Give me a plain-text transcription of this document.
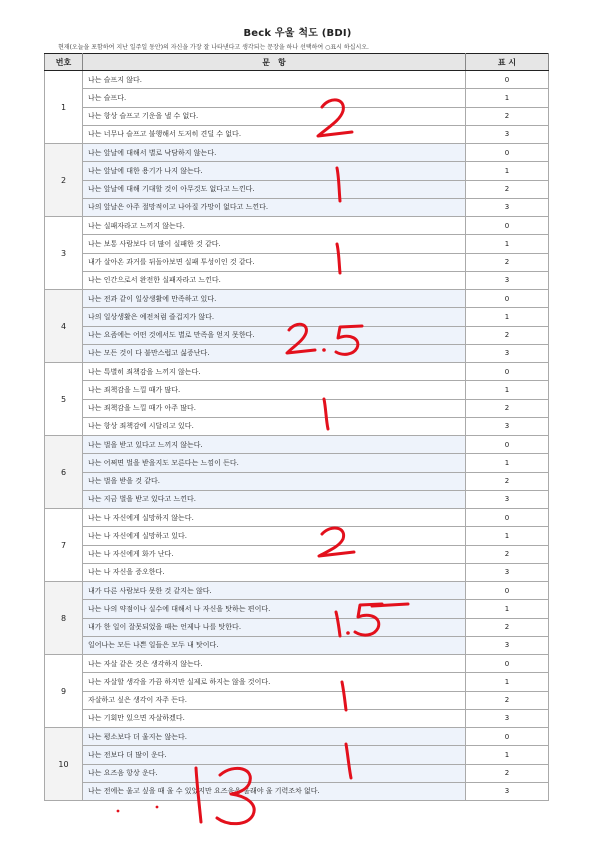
Beck 우울 척도 (BDI)
현재(오늘을 포함하여 지난 일주일 동안)의 자신을 가장 잘 나타낸다고 생각되는 문장을 하나 선택하여 ○표시 하십시오.
번호	문　항	표 시
1	나는 슬프지 않다.	0
	나는 슬프다.	1
	나는 항상 슬프고 기운을 낼 수 없다.	2
	나는 너무나 슬프고 불행해서 도저히 견딜 수 없다.	3
2	나는 앞날에 대해서 별로 낙담하지 않는다.	0
	나는 앞날에 대한 용기가 나지 않는다.	1
	나는 앞날에 대해 기대할 것이 아무것도 없다고 느낀다.	2
	나의 앞날은 아주 절망적이고 나아질 가망이 없다고 느낀다.	3
3	나는 실패자라고 느끼지 않는다.	0
	나는 보통 사람보다 더 많이 실패한 것 같다.	1
	내가 살아온 과거를 뒤돌아보면 실패 투성이인 것 같다.	2
	나는 인간으로서 완전한 실패자라고 느낀다.	3
4	나는 전과 같이 일상생활에 만족하고 있다.	0
	나의 일상생활은 예전처럼 즐겁지가 않다.	1
	나는 요즘에는 어떤 것에서도 별로 만족을 얻지 못한다.	2
	나는 모든 것이 다 불만스럽고 싫증난다.	3
5	나는 특별히 죄책감을 느끼지 않는다.	0
	나는 죄책감을 느낄 때가 많다.	1
	나는 죄책감을 느낄 때가 아주 많다.	2
	나는 항상 죄책감에 시달리고 있다.	3
6	나는 벌을 받고 있다고 느끼지 않는다.	0
	나는 어쩌면 벌을 받을지도 모른다는 느낌이 든다.	1
	나는 벌을 받을 것 같다.	2
	나는 지금 벌을 받고 있다고 느낀다.	3
7	나는 나 자신에게 실망하지 않는다.	0
	나는 나 자신에게 실망하고 있다.	1
	나는 나 자신에게 화가 난다.	2
	나는 나 자신을 증오한다.	3
8	내가 다른 사람보다 못한 것 같지는 않다.	0
	나는 나의 약점이나 실수에 대해서 나 자신을 탓하는 편이다.	1
	내가 한 일이 잘못되었을 때는 언제나 나를 탓한다.	2
	일어나는 모든 나쁜 일들은 모두 내 탓이다.	3
9	나는 자살 같은 것은 생각하지 않는다.	0
	나는 자살할 생각을 가끔 하지만 실제로 하지는 않을 것이다.	1
	자살하고 싶은 생각이 자주 든다.	2
	나는 기회만 있으면 자살하겠다.	3
10	나는 평소보다 더 울지는 않는다.	0
	나는 전보다 더 많이 운다.	1
	나는 요즈음 항상 운다.	2
	나는 전에는 울고 싶을 때 울 수 있었지만 요즈음은 울래야 울 기력조차 없다.	3
